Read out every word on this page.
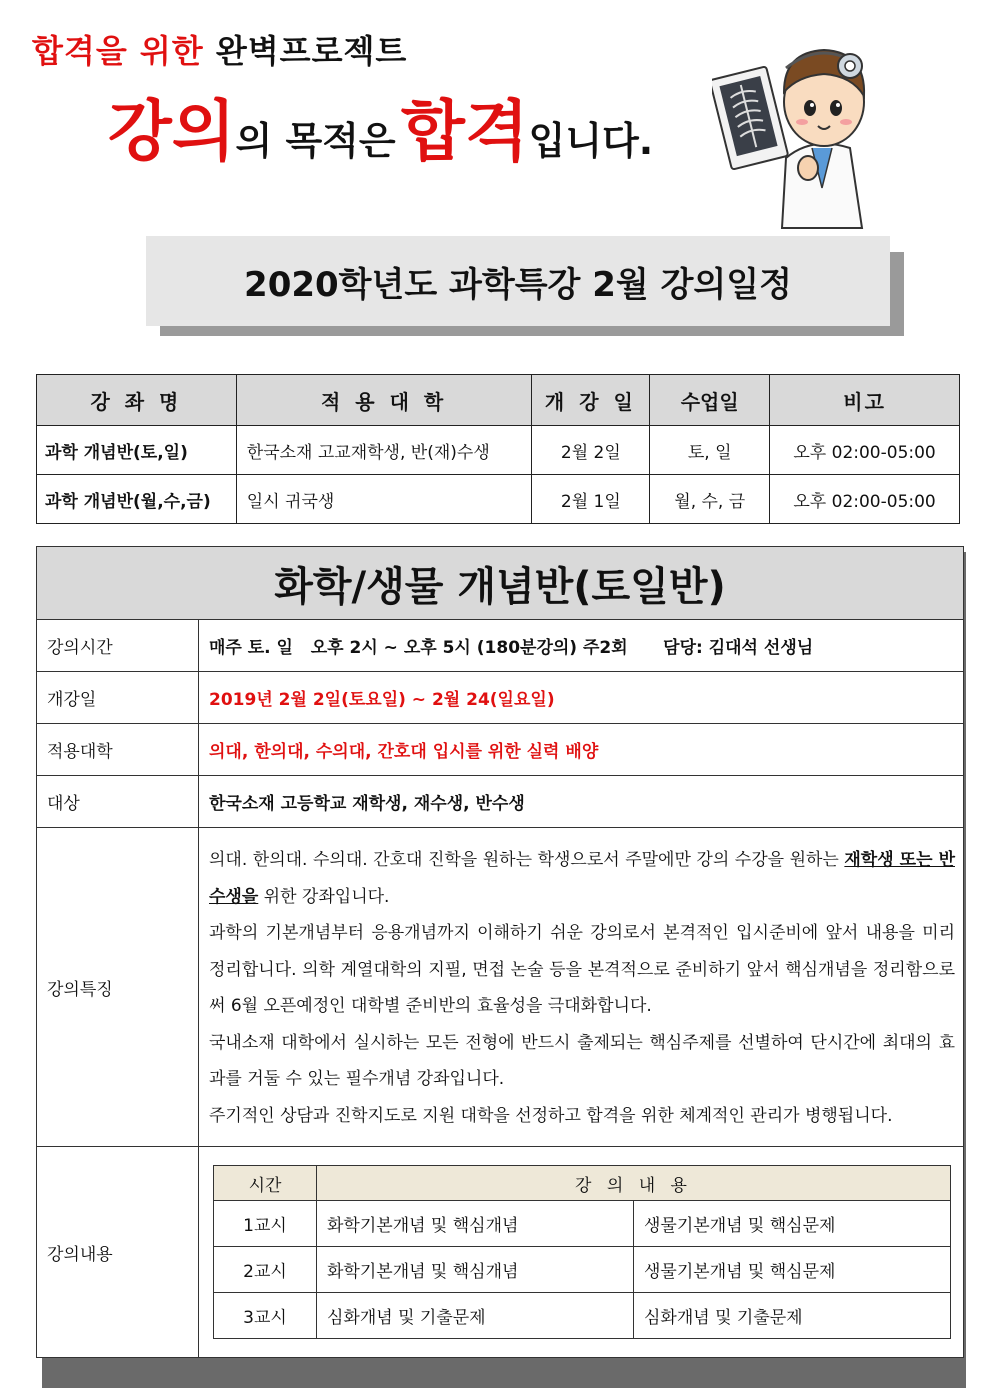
합격을 위한 완벽프로젝트
강의의 목적은 합격입니다.
2020학년도 과학특강 2월 강의일정
강 좌 명	적 용 대 학	개 강 일	수업일	비고
과학 개념반(토,일)	한국소재 고교재학생, 반(재)수생	2월 2일	토, 일	오후 02:00-05:00
과학 개념반(월,수,금)	일시 귀국생	2월 1일	월, 수, 금	오후 02:00-05:00
화학/생물 개념반(토일반)
강의시간	매주 토. 일   오후 2시 ~ 오후 5시 (180분강의) 주2회      담당: 김대석 선생님
개강일	2019년 2월 2일(토요일) ~ 2월 24(일요일)
적용대학	의대, 한의대, 수의대, 간호대 입시를 위한 실력 배양
대상	한국소재 고등학교 재학생, 재수생, 반수생
강의특징	
의대. 한의대. 수의대. 간호대 진학을 원하는 학생으로서 주말에만 강의 수강을 원하는 재학생 또는 반수생을 위한 강좌입니다.
과학의 기본개념부터 응용개념까지 이해하기 쉬운 강의로서 본격적인 입시준비에 앞서 내용을 미리 정리합니다. 의학 계열대학의 지필, 면접 논술 등을 본격적으로 준비하기 앞서 핵심개념을 정리함으로써 6월 오픈예정인 대학별 준비반의 효율성을 극대화합니다.
국내소재 대학에서 실시하는 모든 전형에 반드시 출제되는 핵심주제를 선별하여 단시간에 최대의 효과를 거둘 수 있는 필수개념 강좌입니다.
주기적인 상담과 진학지도로 지원 대학을 선정하고 합격을 위한 체계적인 관리가 병행됩니다.

강의내용	
시간	강 의 내 용
1교시	화학기본개념 및 핵심개념	생물기본개념 및 핵심문제
2교시	화학기본개념 및 핵심개념	생물기본개념 및 핵심문제
3교시	심화개념 및 기출문제	심화개념 및 기출문제
